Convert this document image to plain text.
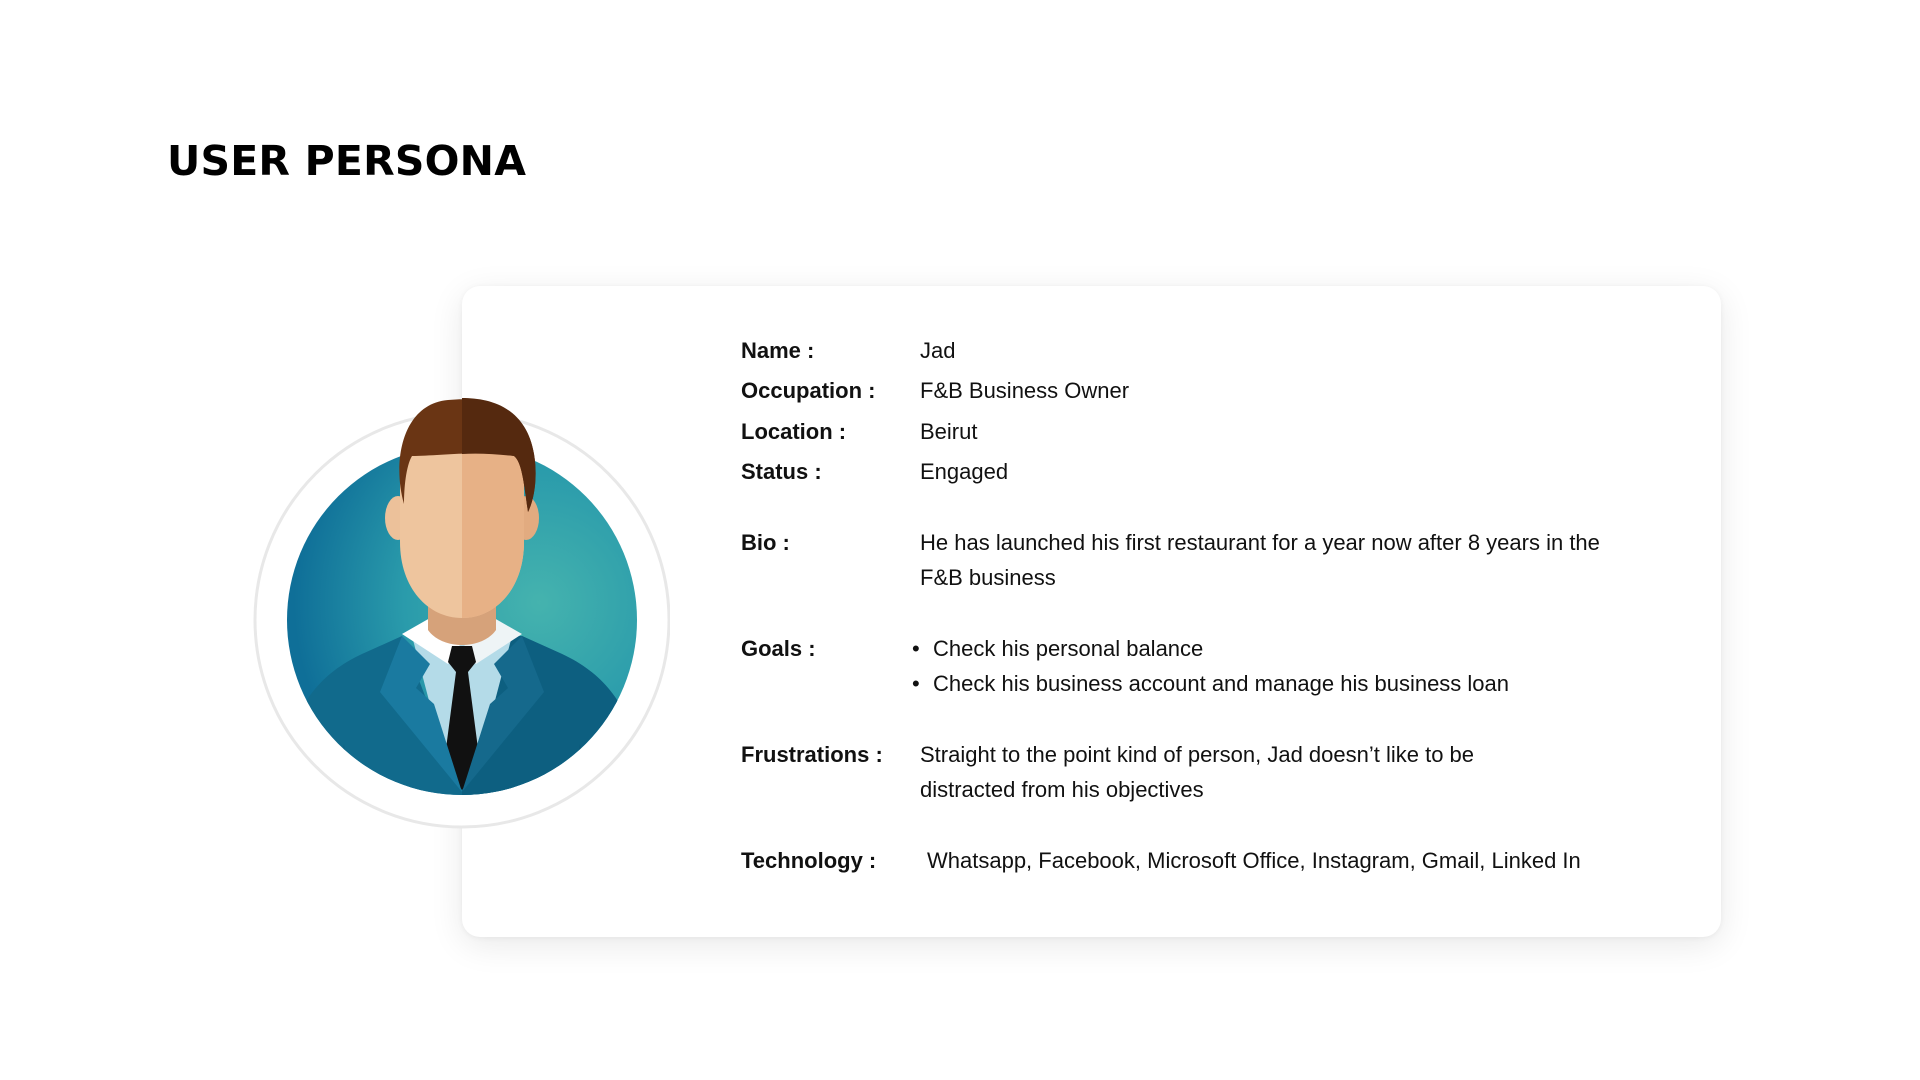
USER PERSONA
Name :	Jad
Occupation : F&B Business Owner
Location :	Beirut
Status :	Engaged
Bio :	He has launched his first restaurant for a year now after 8 years in the F&B business
Goals :
•	Check his personal balance
• Check his business account and manage his business loan
Frustrations : Straight to the point kind of person, Jad doesn’t like to be distracted from his objectives
Technology : Whatsapp, Facebook, Microsoft Office, Instagram, Gmail, Linked In
